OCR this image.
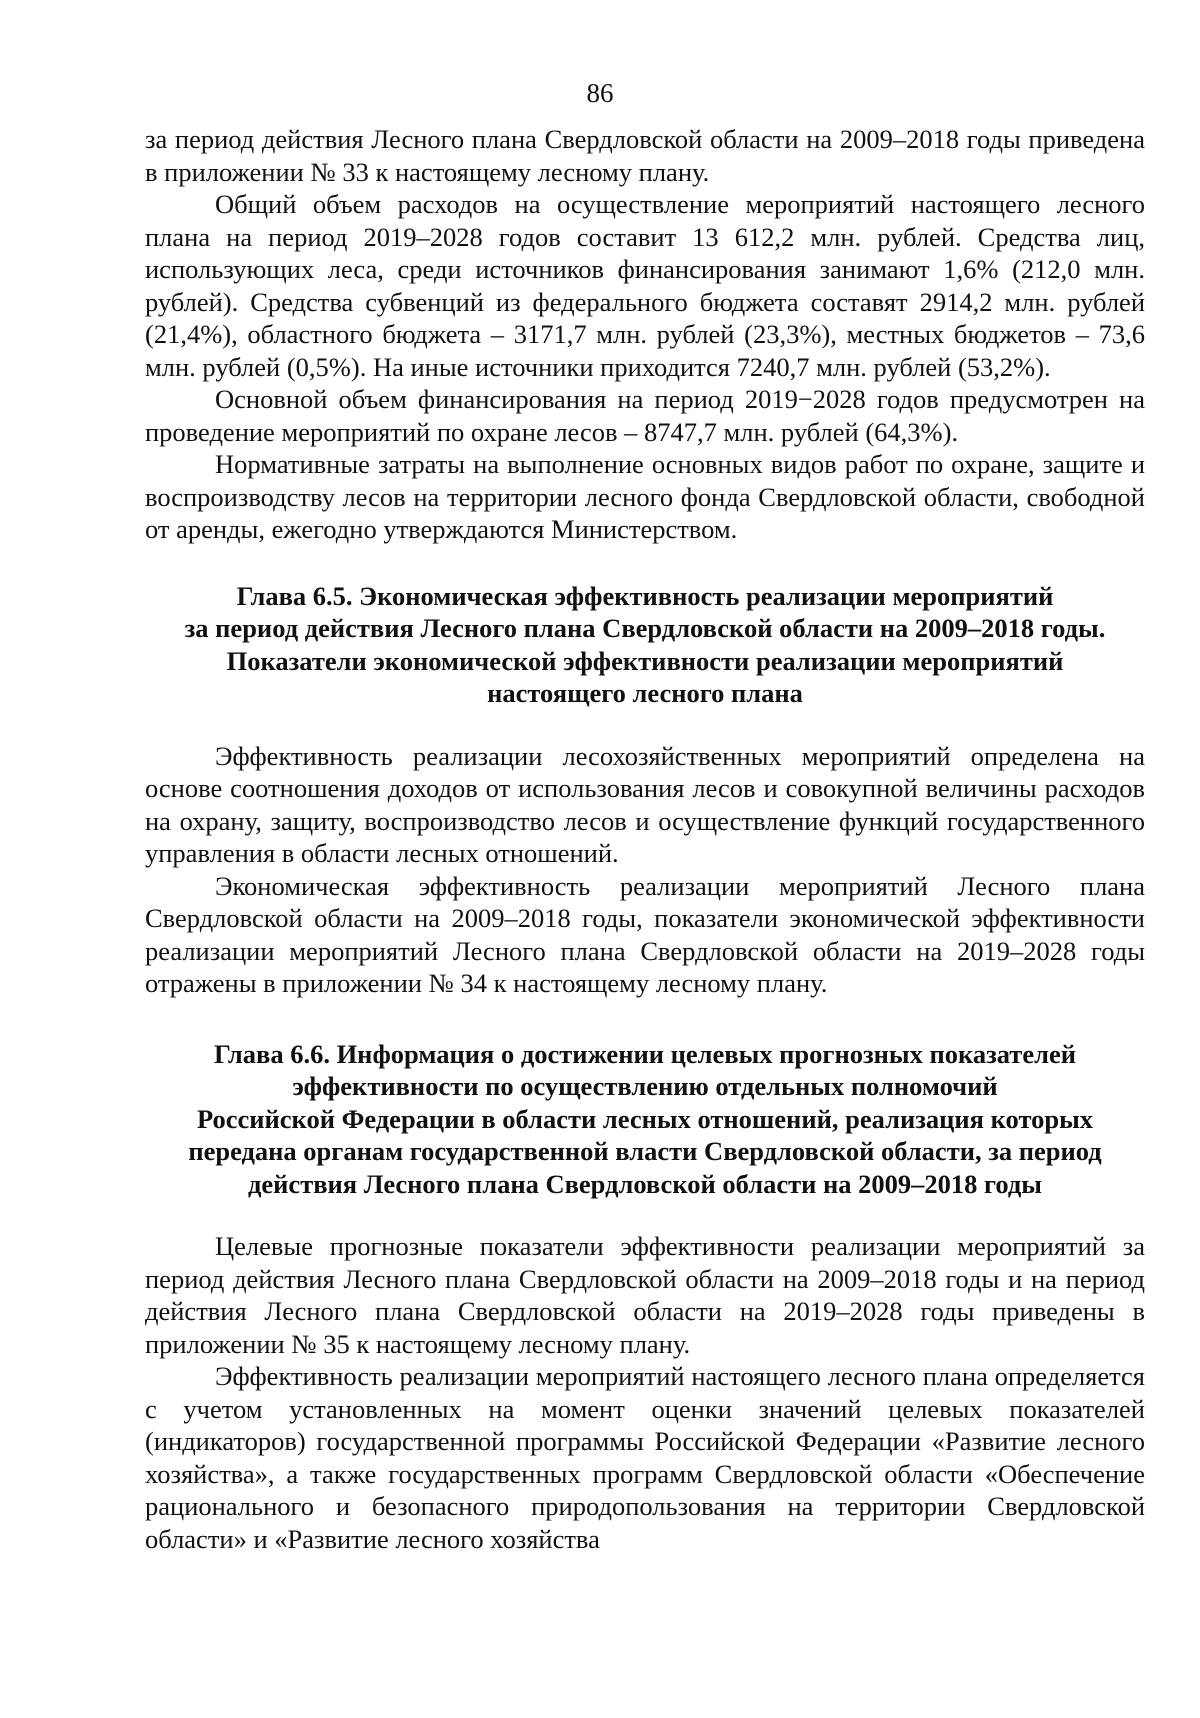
86

за период действия Лесного плана Свердловской области на 2009–2018 годы приведена в приложении № 33 к настоящему лесному плану.

Общий объем расходов на осуществление мероприятий настоящего лесного плана на период 2019–2028 годов составит 13 612,2 млн. рублей. Средства лиц, использующих леса, среди источников финансирования занимают 1,6% (212,0 млн. рублей). Средства субвенций из федерального бюджета составят 2914,2 млн. рублей (21,4%), областного бюджета – 3171,7 млн. рублей (23,3%), местных бюджетов – 73,6 млн. рублей (0,5%). На иные источники приходится 7240,7 млн. рублей (53,2%).

Основной объем финансирования на период 2019−2028 годов предусмотрен на проведение мероприятий по охране лесов – 8747,7 млн. рублей (64,3%).

Нормативные затраты на выполнение основных видов работ по охране, защите и воспроизводству лесов на территории лесного фонда Свердловской области, свободной от аренды, ежегодно утверждаются Министерством.

Глава 6.5. Экономическая эффективность реализации мероприятий
за период действия Лесного плана Свердловской области на 2009–2018 годы.
Показатели экономической эффективности реализации мероприятий
настоящего лесного плана

Эффективность реализации лесохозяйственных мероприятий определена на основе соотношения доходов от использования лесов и совокупной величины расходов на охрану, защиту, воспроизводство лесов и осуществление функций государственного управления в области лесных отношений.

Экономическая эффективность реализации мероприятий Лесного плана Свердловской области на 2009–2018 годы, показатели экономической эффективности реализации мероприятий Лесного плана Свердловской области на 2019–2028 годы отражены в приложении № 34 к настоящему лесному плану.

Глава 6.6. Информация о достижении целевых прогнозных показателей
эффективности по осуществлению отдельных полномочий
Российской Федерации в области лесных отношений, реализация которых
передана органам государственной власти Свердловской области, за период
действия Лесного плана Свердловской области на 2009–2018 годы

Целевые прогнозные показатели эффективности реализации мероприятий за период действия Лесного плана Свердловской области на 2009–2018 годы и на период действия Лесного плана Свердловской области на 2019–2028 годы приведены в приложении № 35 к настоящему лесному плану.

Эффективность реализации мероприятий настоящего лесного плана определяется с учетом установленных на момент оценки значений целевых показателей (индикаторов) государственной программы Российской Федерации «Развитие лесного хозяйства», а также государственных программ Свердловской области «Обеспечение рационального и безопасного природопользования на территории Свердловской области» и «Развитие лесного хозяйства
